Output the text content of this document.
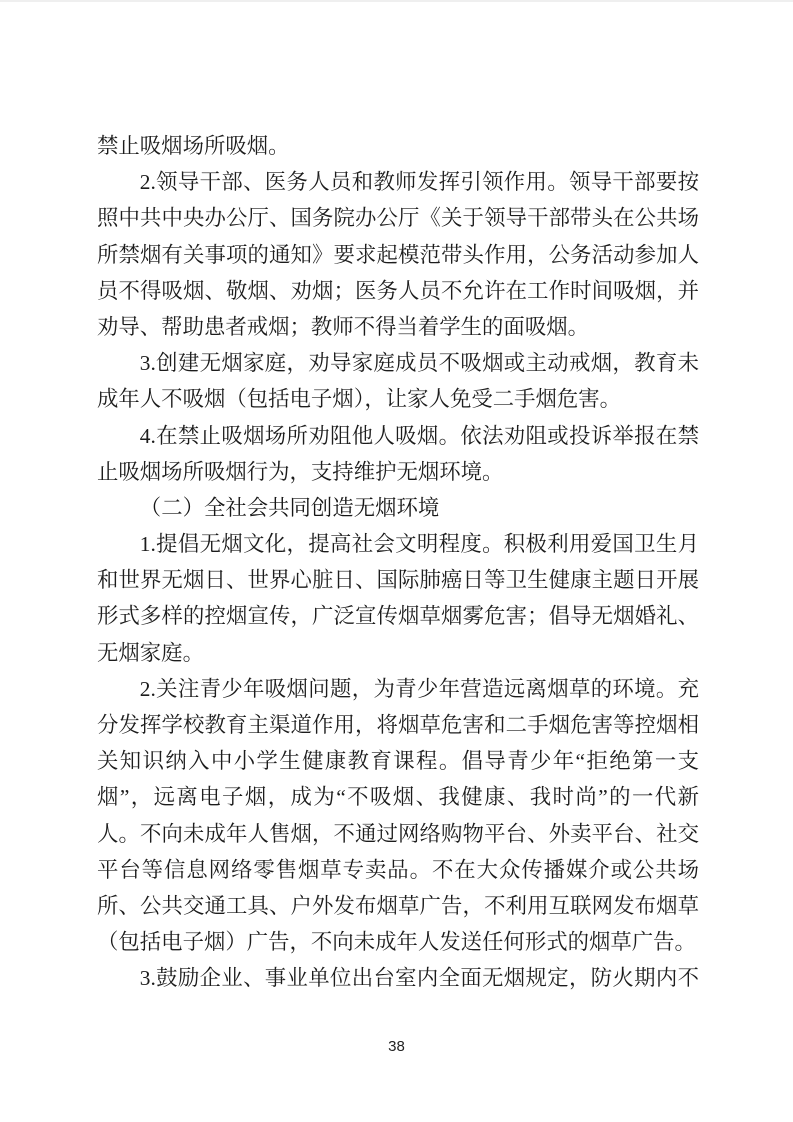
禁止吸烟场所吸烟。
2.领导干部、医务人员和教师发挥引领作用。领导干部要按
照中共中央办公厅、国务院办公厅《关于领导干部带头在公共场
所禁烟有关事项的通知》要求起模范带头作用，公务活动参加人
员不得吸烟、敬烟、劝烟；医务人员不允许在工作时间吸烟，并
劝导、帮助患者戒烟；教师不得当着学生的面吸烟。
3.创建无烟家庭，劝导家庭成员不吸烟或主动戒烟，教育未
成年人不吸烟（包括电子烟），让家人免受二手烟危害。
4.在禁止吸烟场所劝阻他人吸烟。依法劝阻或投诉举报在禁
止吸烟场所吸烟行为，支持维护无烟环境。
（二）全社会共同创造无烟环境
1.提倡无烟文化，提高社会文明程度。积极利用爱国卫生月
和世界无烟日、世界心脏日、国际肺癌日等卫生健康主题日开展
形式多样的控烟宣传，广泛宣传烟草烟雾危害；倡导无烟婚礼、
无烟家庭。
2.关注青少年吸烟问题，为青少年营造远离烟草的环境。充
分发挥学校教育主渠道作用，将烟草危害和二手烟危害等控烟相
关知识纳入中小学生健康教育课程。倡导青少年“拒绝第一支
烟”，远离电子烟，成为“不吸烟、我健康、我时尚”的一代新
人。不向未成年人售烟，不通过网络购物平台、外卖平台、社交
平台等信息网络零售烟草专卖品。不在大众传播媒介或公共场
所、公共交通工具、户外发布烟草广告，不利用互联网发布烟草
（包括电子烟）广告，不向未成年人发送任何形式的烟草广告。
3.鼓励企业、事业单位出台室内全面无烟规定，防火期内不
38
